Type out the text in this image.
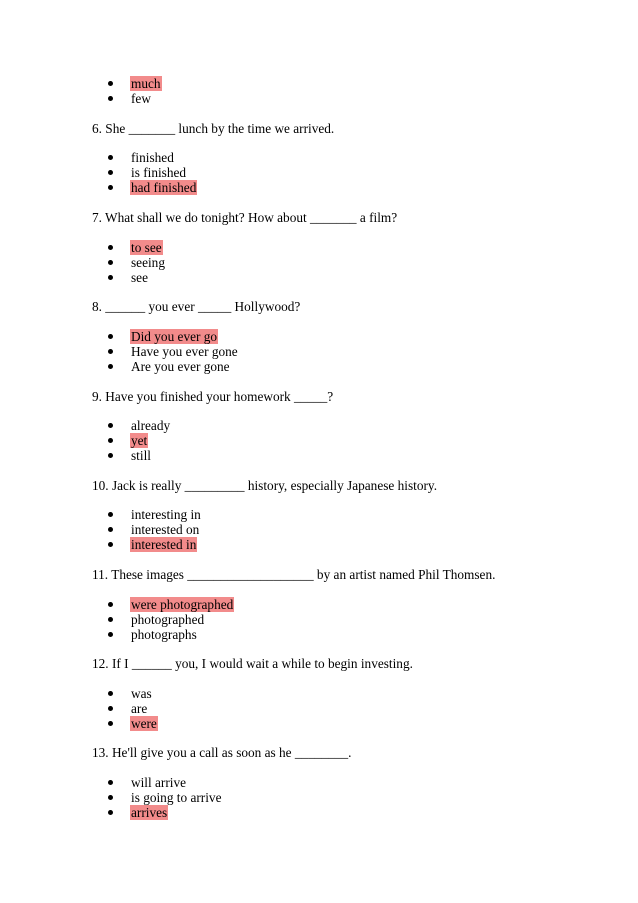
much
few
6. She _______ lunch by the time we arrived.
finished
is finished
had finished
7. What shall we do tonight? How about _______ a film?
to see
seeing
see
8. ______ you ever _____ Hollywood?
Did you ever go
Have you ever gone
Are you ever gone
9. Have you finished your homework _____?
already
yet
still
10. Jack is really _________ history, especially Japanese history.
interesting in
interested on
interested in
11. These images ___________________ by an artist named Phil Thomsen.
were photographed
photographed
photographs
12. If I ______ you, I would wait a while to begin investing.
was
are
were
13. He'll give you a call as soon as he ________.
will arrive
is going to arrive
arrives
